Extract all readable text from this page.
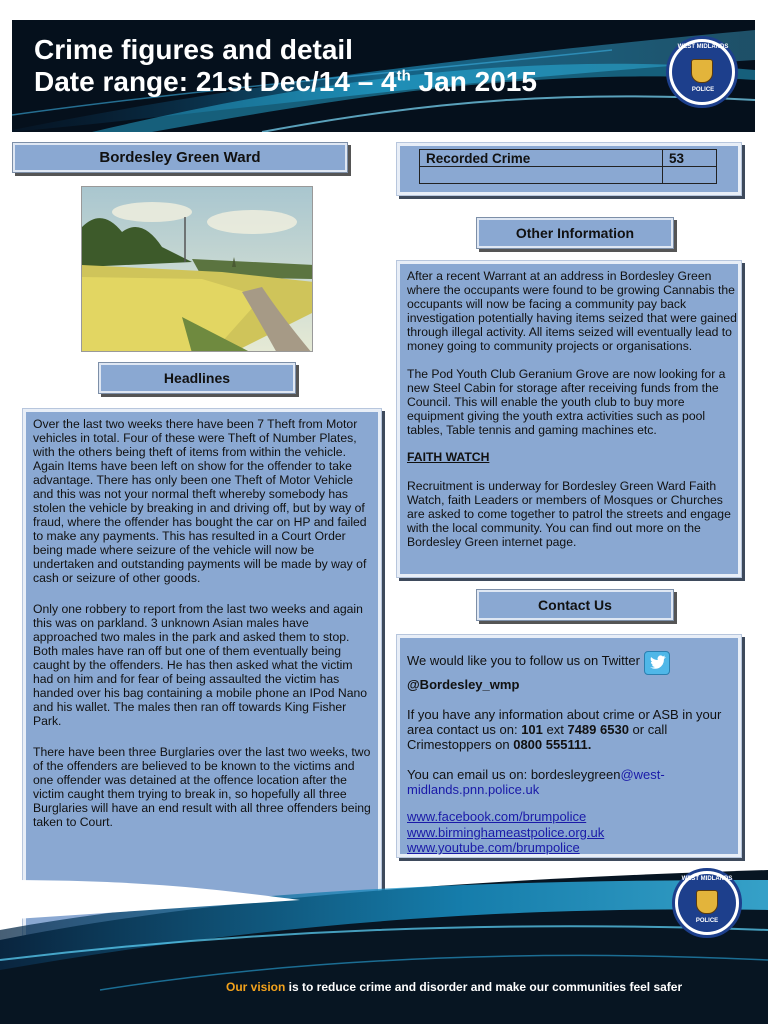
Crime figures and detail
Date range: 21st Dec/14 – 4th Jan 2015
WEST MIDLANDS
POLICE
Bordesley Green Ward
Headlines

Over the last two weeks there have been 7 Theft from Motor vehicles in total. Four of these were Theft of Number Plates, with the others being theft of items from within the vehicle. Again Items have been left on show for the offender to take advantage. There has only been one Theft of Motor Vehicle and this was not your normal theft whereby somebody has stolen the vehicle by breaking in and driving off, but by way of fraud, where the offender has bought the car on HP and failed to make any payments. This has resulted in a Court Order being made where seizure of the vehicle will now be undertaken and outstanding payments will be made by way of cash or seizure of other goods.

Only one robbery to report from the last two weeks and again this was on parkland. 3 unknown Asian males have approached two males in the park and asked them to stop. Both males have ran off but one of them eventually being caught by the offenders. He has then asked what the victim had on him and for fear of being assaulted the victim has handed over his bag containing a mobile phone an IPod Nano and his wallet. The males then ran off towards King Fisher Park.

There have been three Burglaries over the last two weeks, two of the offenders are believed to be known to the victims and one offender was detained at the offence location after the victim caught them trying to break in, so hopefully all three Burglaries will have an end result with all three offenders being taken to Court.

Recorded Crime	53

Other Information

After a recent Warrant at an address in Bordesley Green where the occupants were found to be growing Cannabis the occupants will now be facing a community pay back investigation potentially having items seized that were gained through illegal activity. All items seized will eventually lead to money going to community projects or organisations.

The Pod Youth Club Geranium Grove are now looking for a new Steel Cabin for storage after receiving funds from the Council. This will enable the youth club to buy more equipment giving the youth extra activities such as pool tables, Table tennis and gaming machines etc.

FAITH WATCH

Recruitment is underway for Bordesley Green Ward Faith Watch, faith Leaders or members of Mosques or Churches are asked to come together to patrol the streets and engage with the local community. You can find out more on the Bordesley Green internet page.

Contact Us
We would like you to follow us on Twitter
@Bordesley_wmp
If you have any information about crime or ASB in your area contact us on: 101 ext 7489 6530 or call Crimestoppers on 0800 555111.
You can email us on: bordesleygreen@west-midlands.pnn.police.uk
www.facebook.com/brumpolice
www.birminghameastpolice.org.uk
www.youtube.com/brumpolice
WEST MIDLANDS
POLICE
Our vision is to reduce crime and disorder and make our communities feel safer
